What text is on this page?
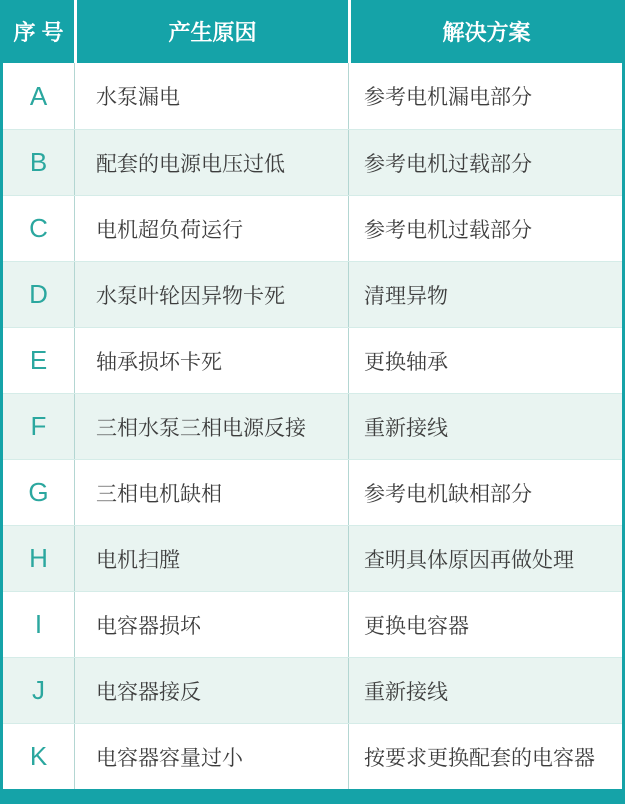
序 号	产生原因	解决方案
A	水泵漏电	参考电机漏电部分
B	配套的电源电压过低	参考电机过载部分
C	电机超负荷运行	参考电机过载部分
D	水泵叶轮因异物卡死	清理异物
E	轴承损坏卡死	更换轴承
F	三相水泵三相电源反接	重新接线
G	三相电机缺相	参考电机缺相部分
H	电机扫膛	查明具体原因再做处理
I	电容器损坏	更换电容器
J	电容器接反	重新接线
K	电容器容量过小	按要求更换配套的电容器
